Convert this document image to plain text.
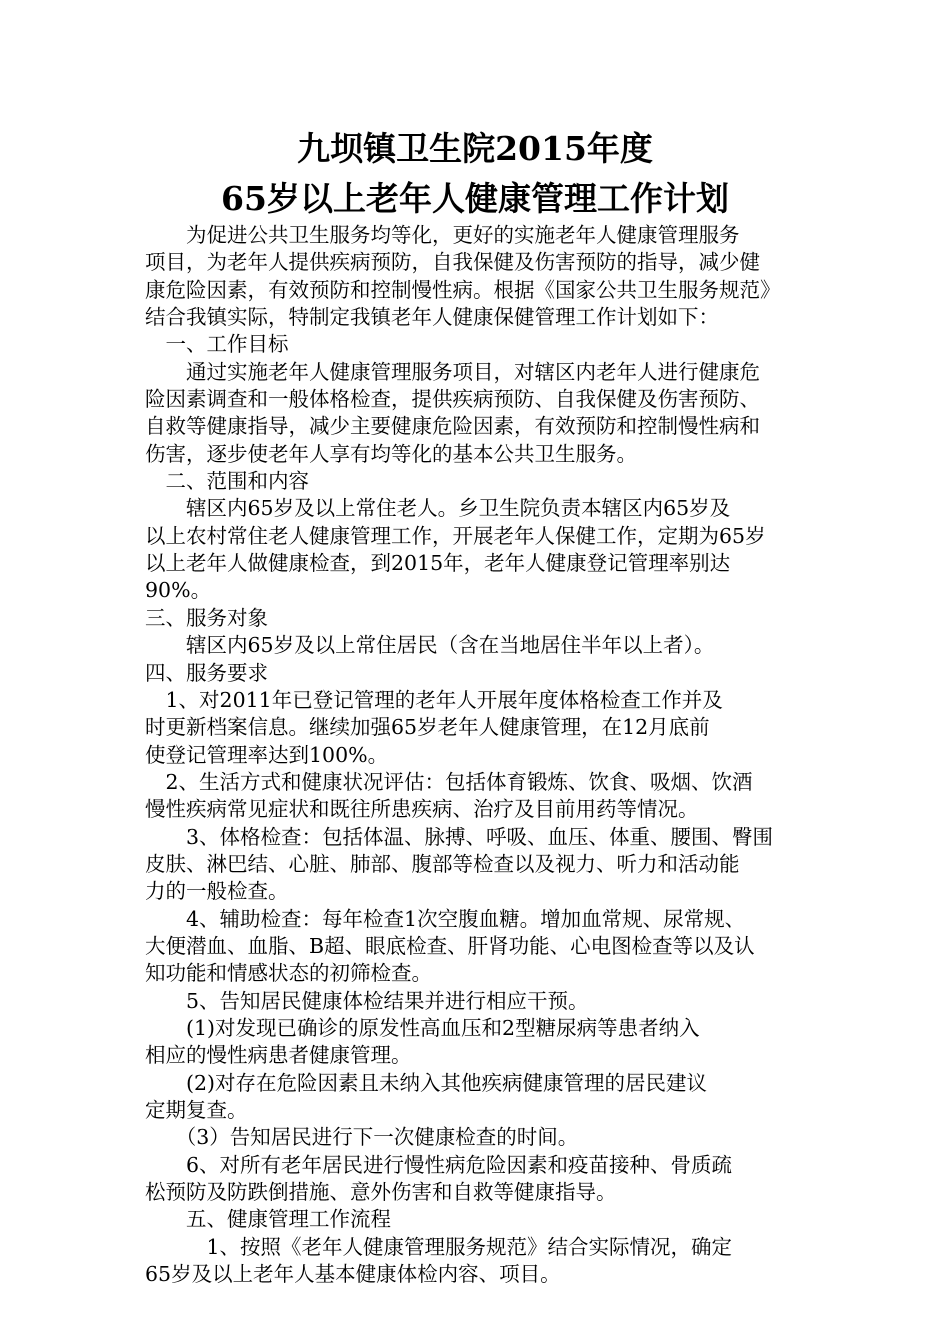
九坝镇卫生院2015年度
65岁以上老年人健康管理工作计划
　　为促进公共卫生服务均等化，更好的实施老年人健康管理服务
项目，为老年人提供疾病预防，自我保健及伤害预防的指导，减少健
康危险因素，有效预防和控制慢性病。根据《国家公共卫生服务规范》
结合我镇实际，特制定我镇老年人健康保健管理工作计划如下：
　一、工作目标
　　通过实施老年人健康管理服务项目，对辖区内老年人进行健康危
险因素调查和一般体格检查，提供疾病预防、自我保健及伤害预防、
自救等健康指导，减少主要健康危险因素，有效预防和控制慢性病和
伤害，逐步使老年人享有均等化的基本公共卫生服务。
　二、范围和内容
　　辖区内65岁及以上常住老人。乡卫生院负责本辖区内65岁及
以上农村常住老人健康管理工作，开展老年人保健工作，定期为65岁
以上老年人做健康检查，到2015年，老年人健康登记管理率别达
90%。
三、服务对象
　　辖区内65岁及以上常住居民（含在当地居住半年以上者）。
四、服务要求
　1、对2011年已登记管理的老年人开展年度体格检查工作并及
时更新档案信息。继续加强65岁老年人健康管理，在12月底前
使登记管理率达到100%。
　2、生活方式和健康状况评估：包括体育锻炼、饮食、吸烟、饮酒
慢性疾病常见症状和既往所患疾病、治疗及目前用药等情况。
　　3、体格检查：包括体温、脉搏、呼吸、血压、体重、腰围、臀围
皮肤、淋巴结、心脏、肺部、腹部等检查以及视力、听力和活动能
力的一般检查。
　　4、辅助检查：每年检查1次空腹血糖。增加血常规、尿常规、
大便潜血、血脂、B超、眼底检查、肝肾功能、心电图检查等以及认
知功能和情感状态的初筛检查。
　　5、告知居民健康体检结果并进行相应干预。
　　(1)对发现已确诊的原发性高血压和2型糖尿病等患者纳入
相应的慢性病患者健康管理。
　　(2)对存在危险因素且未纳入其他疾病健康管理的居民建议
定期复查。
　　（3）告知居民进行下一次健康检查的时间。
　　6、对所有老年居民进行慢性病危险因素和疫苗接种、骨质疏
松预防及防跌倒措施、意外伤害和自救等健康指导。
　　五、健康管理工作流程
　　　1、按照《老年人健康管理服务规范》结合实际情况，确定
65岁及以上老年人基本健康体检内容、项目。
